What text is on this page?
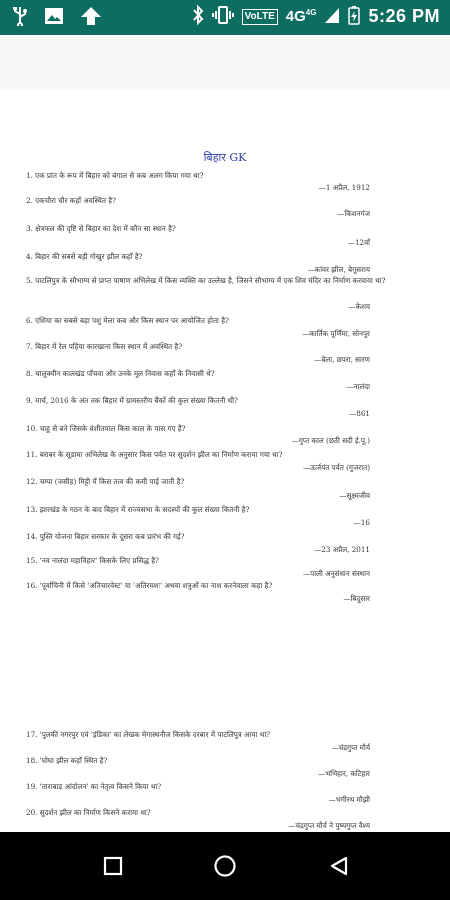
VoLTE $4G^{4G}$	5:26 PM
बिहार GK
1. एक प्रांत के रूप में बिहार को बंगाल से कब अलग किया गया था?
—1 अप्रैल, 1912
2. एकचौरा चौर कहाँ अवस्थित है?
—किशनगंज
3. क्षेत्रफल की दृष्टि से बिहार का देश में कौन सा स्थान है?
—12वाँ
4. बिहार की सबसे बड़ी गोखुर झील कहाँ है?
—कांवर झील, बेगूसराय
5. पाटलिपुत्र के सौभाग्य से प्राप्त पाषाण अभिलेख में किस व्यक्ति का उल्लेख है, जिसने सौभाग्य में एक शिव मंदिर का निर्माण करवाया था?
—केशव
6. एशिया का सबसे बड़ा पशु मेला कब और किस स्थान पर आयोजित होता है?
—कार्तिक पूर्णिमा, सोनपुर
7. बिहार में रेल पहिया कारखाना किस स्थान में अवस्थित है?
—बेला, छपरा, सारण
8. चालुक्यीन कालखंड पाँचवा और उनके मूल निवास कहाँ के निवासी थे?
—नालंदा
9. मार्च, 2016 के अंत तक बिहार में ग्रामस्तरीय बैंकों की कुल संख्या कितनी थी?
—861
10. चाहु से बने जिसके वंशीतपाल किस काल के पास गए हैं?
—गुप्त काल (छठी सदी ई.पू.)
11. बराबर के सूडामा अभिलेख के अनुसार किस पर्वत पर सुदर्शन झील का निर्माण कराया गया था?
—ऊर्जयंत पर्वत (गुजरात)
12. चम्पा (जसीह) मिट्टी में किस तत्व की कमी पाई जाती है?
—सूक्ष्मजीव
13. झारखंड के गठन के बाद बिहार में राज्यसभा के सदस्यों की कुल संख्या कितनी है?
—16
14. पुस्ति योजना बिहार सरकार के दूसरा कब प्रारंभ की गई?
—23 अप्रैल, 2011
15. 'नव नालंदा महाविहार' किसके लिए प्रसिद्ध है?
—पाली अनुसंधान संस्थान
16. 'पूर्वाचिनी में किसे 'अतिचारवेस्ट' या 'अतिरमशः' अथवा शत्रुओं का नाश करनेवाला कहा है?
—बिदुसार
17. 'पुलकी नगरपुर एवं 'इंडिका' का लेखक मेगास्थनीज किसके दरबार में पाटलिपुत्र आया था?
—चंद्रगुप्त मौर्य
18. 'घोघा झील कहाँ स्थित है?
—भभिहार, कटिहार
19. 'ताराबाड़ आंदोलन' का नेतृत्व किसने किया था?
—भगीरथ मौझी
20. सुदर्शन झील का निर्माण किसने कराया था?
—चंद्रगुप्त मौर्य ने पुष्यगुप्त वैश्य
